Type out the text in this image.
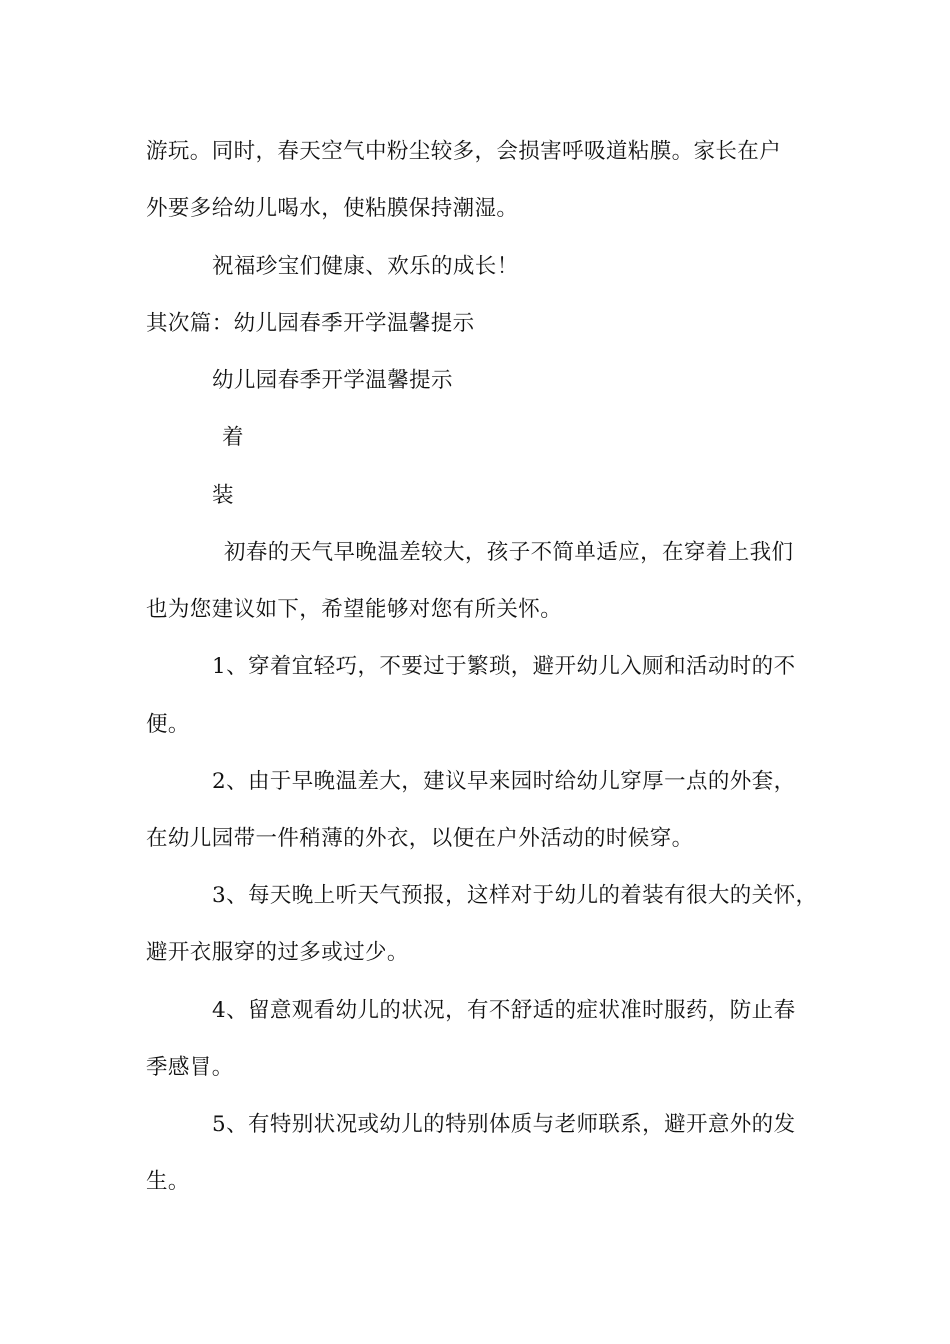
游玩。同时，春天空气中粉尘较多，会损害呼吸道粘膜。家长在户
外要多给幼儿喝水，使粘膜保持潮湿。
祝福珍宝们健康、欢乐的成长！
其次篇：幼儿园春季开学温馨提示
幼儿园春季开学温馨提示
着
装
初春的天气早晚温差较大，孩子不简单适应，在穿着上我们
也为您建议如下，希望能够对您有所关怀。
1、穿着宜轻巧，不要过于繁琐，避开幼儿入厕和活动时的不
便。
2、由于早晚温差大，建议早来园时给幼儿穿厚一点的外套，
在幼儿园带一件稍薄的外衣，以便在户外活动的时候穿。
3、每天晚上听天气预报，这样对于幼儿的着装有很大的关怀，
避开衣服穿的过多或过少。
4、留意观看幼儿的状况，有不舒适的症状准时服药，防止春
季感冒。
5、有特别状况或幼儿的特别体质与老师联系，避开意外的发
生。
